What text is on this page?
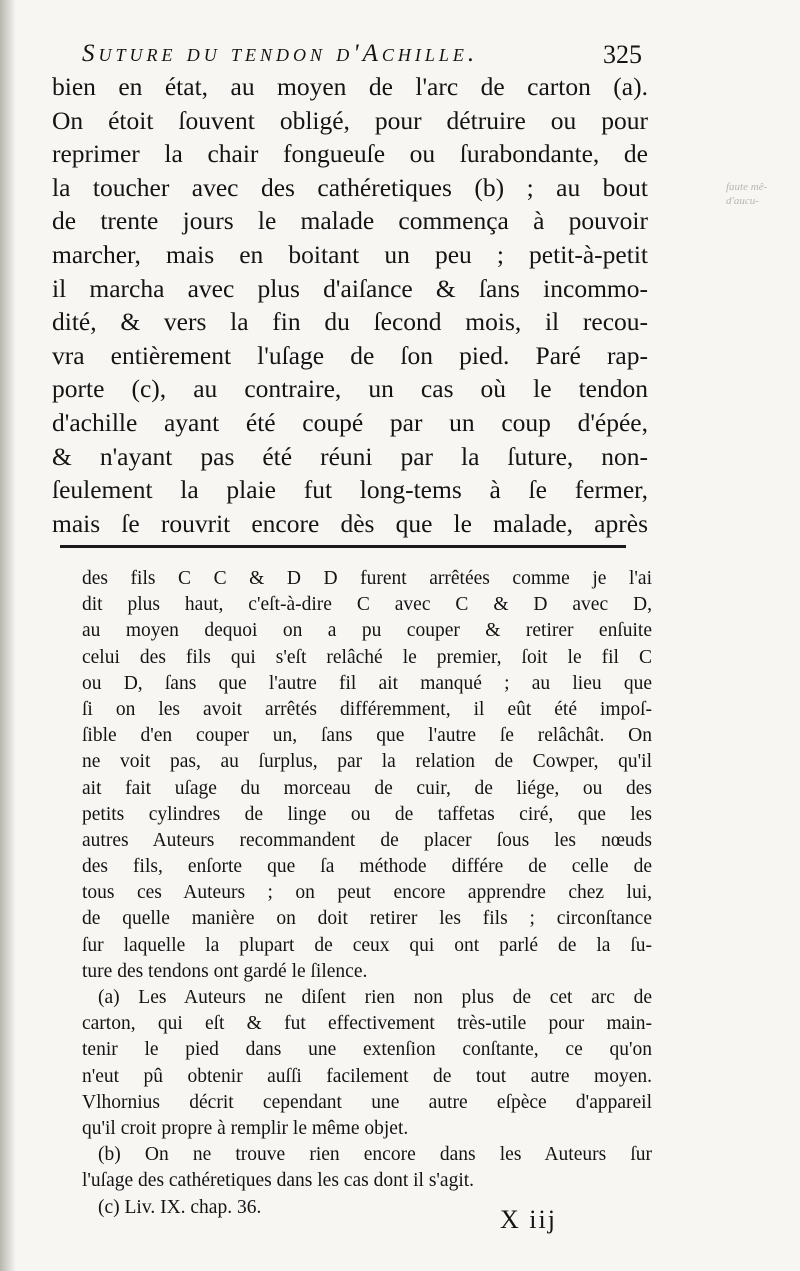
faute mê- d'aucu-
Suture du tendon d'Achille.	325
bien en état, au moyen de l'arc de carton (a).
On étoit ſouvent obligé, pour détruire ou pour
reprimer la chair fongueuſe ou ſurabondante, de
la toucher avec des cathéretiques (b) ; au bout
de trente jours le malade commença à pouvoir
marcher, mais en boitant un peu ; petit-à-petit
il marcha avec plus d'aiſance & ſans incommo-
dité, & vers la fin du ſecond mois, il recou-
vra entièrement l'uſage de ſon pied. Paré rap-
porte (c), au contraire, un cas où le tendon
d'achille ayant été coupé par un coup d'épée,
& n'ayant pas été réuni par la ſuture, non-
ſeulement la plaie fut long-tems à ſe fermer,
mais ſe rouvrit encore dès que le malade, après
des fils C C & D D furent arrêtées comme je l'ai
dit plus haut, c'eſt-à-dire C avec C & D avec D,
au moyen dequoi on a pu couper & retirer enſuite
celui des fils qui s'eſt relâché le premier, ſoit le fil C
ou D, ſans que l'autre fil ait manqué ; au lieu que
ſi on les avoit arrêtés différemment, il eût été impoſ-
ſible d'en couper un, ſans que l'autre ſe relâchât. On
ne voit pas, au ſurplus, par la relation de Cowper, qu'il
ait fait uſage du morceau de cuir, de liége, ou des
petits cylindres de linge ou de taffetas ciré, que les
autres Auteurs recommandent de placer ſous les nœuds
des fils, enſorte que ſa méthode différe de celle de
tous ces Auteurs ; on peut encore apprendre chez lui,
de quelle manière on doit retirer les fils ; circonſtance
ſur laquelle la plupart de ceux qui ont parlé de la ſu-
ture des tendons ont gardé le ſilence.
(a) Les Auteurs ne diſent rien non plus de cet arc de
carton, qui eſt & fut effectivement très-utile pour main-
tenir le pied dans une extenſion conſtante, ce qu'on
n'eut pû obtenir auſſi facilement de tout autre moyen.
Vlhornius décrit cependant une autre eſpèce d'appareil
qu'il croit propre à remplir le même objet.
(b) On ne trouve rien encore dans les Auteurs ſur
l'uſage des cathéretiques dans les cas dont il s'agit.
(c) Liv. IX. chap. 36.	X iij
